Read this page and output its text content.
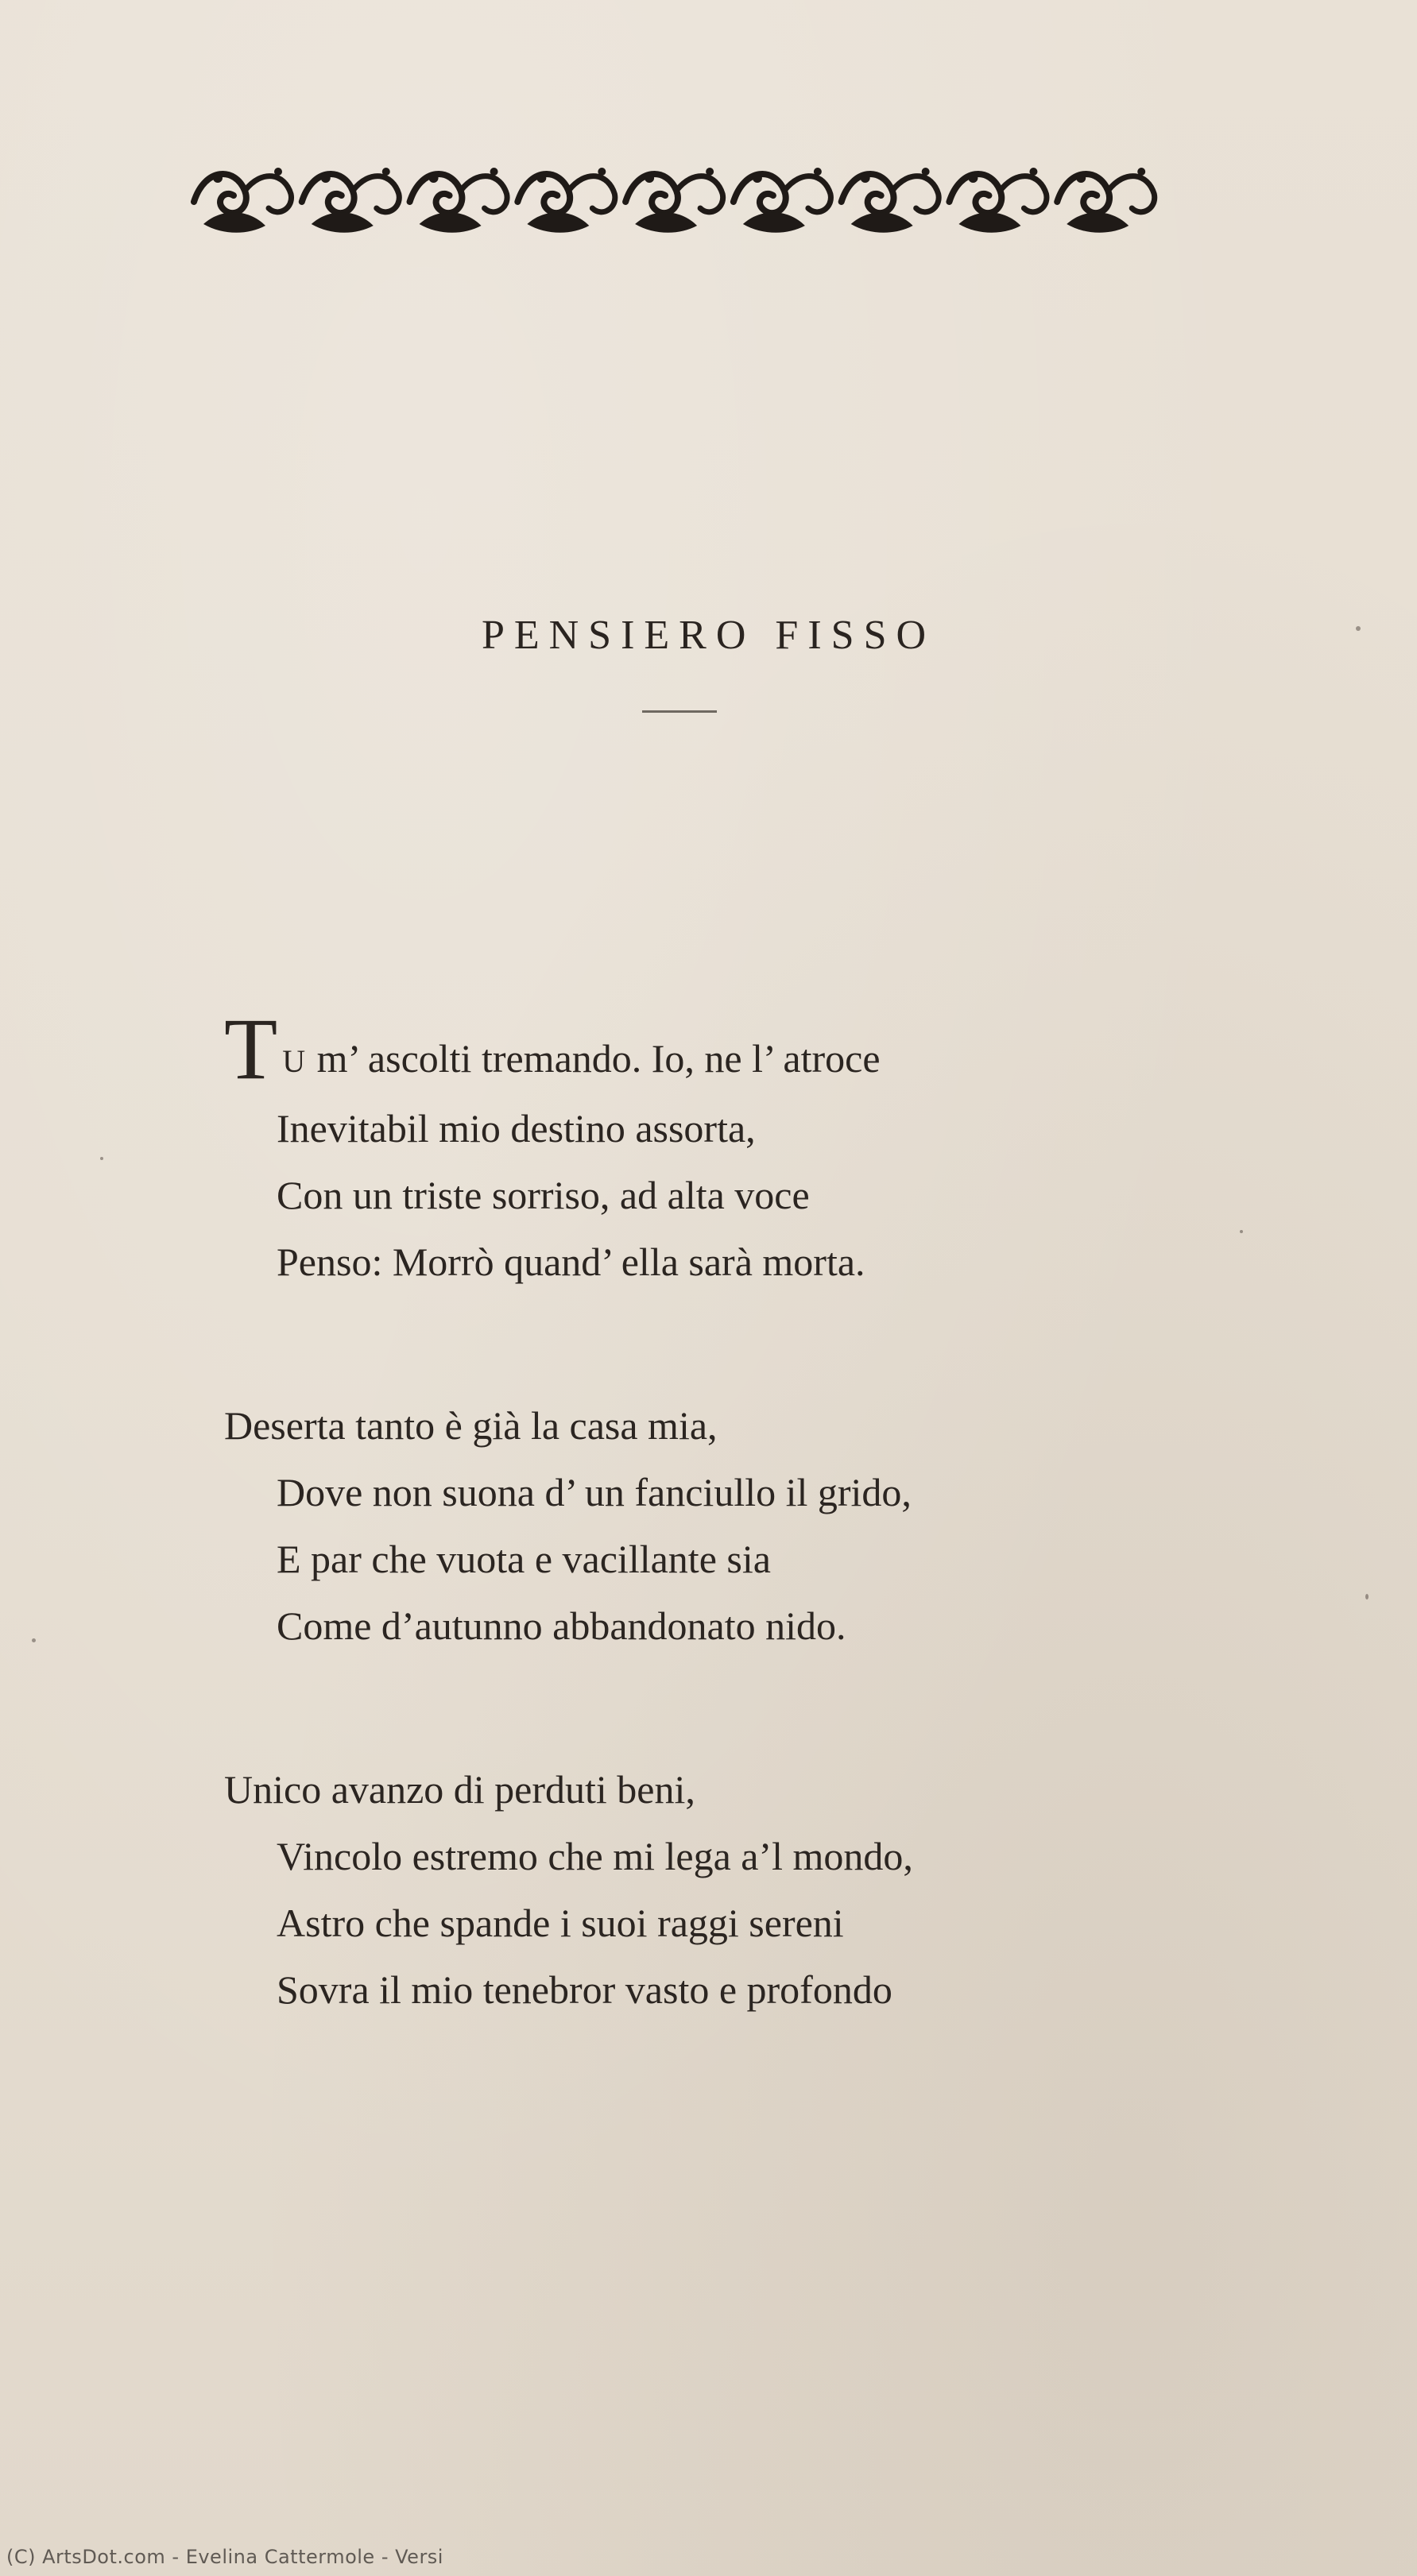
PENSIERO FISSO
T U m’ ascolti tremando. Io, ne l’ atroce
Inevitabil mio destino assorta,
Con un triste sorriso, ad alta voce
Penso: Morrò quand’ ella sarà morta.
Deserta tanto è già la casa mia,
Dove non suona d’ un fanciullo il grido,
E par che vuota e vacillante sia
Come d’autunno abbandonato nido.
Unico avanzo di perduti beni,
Vincolo estremo che mi lega a’l mondo,
Astro che spande i suoi raggi sereni
Sovra il mio tenebror vasto e profondo
(C) ArtsDot.com - Evelina Cattermole - Versi
